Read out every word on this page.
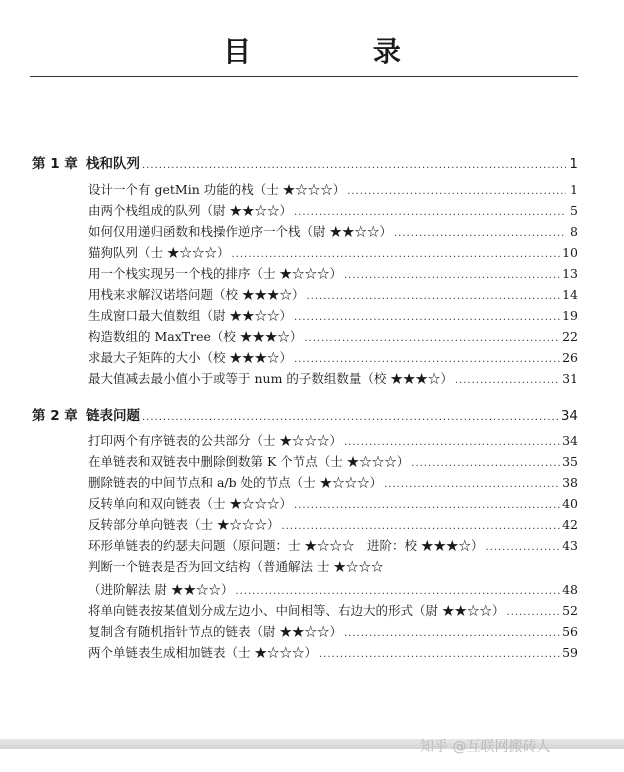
目 录
第 1 章 栈和队列 .....	1
设计一个有 getMin 功能的栈（士 ★☆☆☆） .....	1
由两个栈组成的队列（尉 ★★☆☆） .....	5
如何仅用递归函数和栈操作逆序一个栈（尉 ★★☆☆） .....	8
猫狗队列（士 ★☆☆☆） .....	10
用一个栈实现另一个栈的排序（士 ★☆☆☆） .....	13
用栈来求解汉诺塔问题（校 ★★★☆） .....	14
生成窗口最大值数组（尉 ★★☆☆） .....	19
构造数组的 MaxTree（校 ★★★☆） .....	22
求最大子矩阵的大小（校 ★★★☆） .....	26
最大值减去最小值小于或等于 num 的子数组数量（校 ★★★☆） .....	31
第 2 章 链表问题 .....	34
打印两个有序链表的公共部分（士 ★☆☆☆） .....	34
在单链表和双链表中删除倒数第 K 个节点（士 ★☆☆☆） .....	35
删除链表的中间节点和 a/b 处的节点（士 ★☆☆☆） .....	38
反转单向和双向链表（士 ★☆☆☆） .....	40
反转部分单向链表（士 ★☆☆☆） .....	42
环形单链表的约瑟夫问题（原问题：士 ★☆☆☆　进阶：校 ★★★☆） .....	43
判断一个链表是否为回文结构（普通解法 士 ★☆☆☆
（进阶解法 尉 ★★☆☆） .....	48
将单向链表按某值划分成左边小、中间相等、右边大的形式（尉 ★★☆☆） .....	52
复制含有随机指针节点的链表（尉 ★★☆☆） .....	56
两个单链表生成相加链表（士 ★☆☆☆） .....	59
知乎 @互联网搬砖人
